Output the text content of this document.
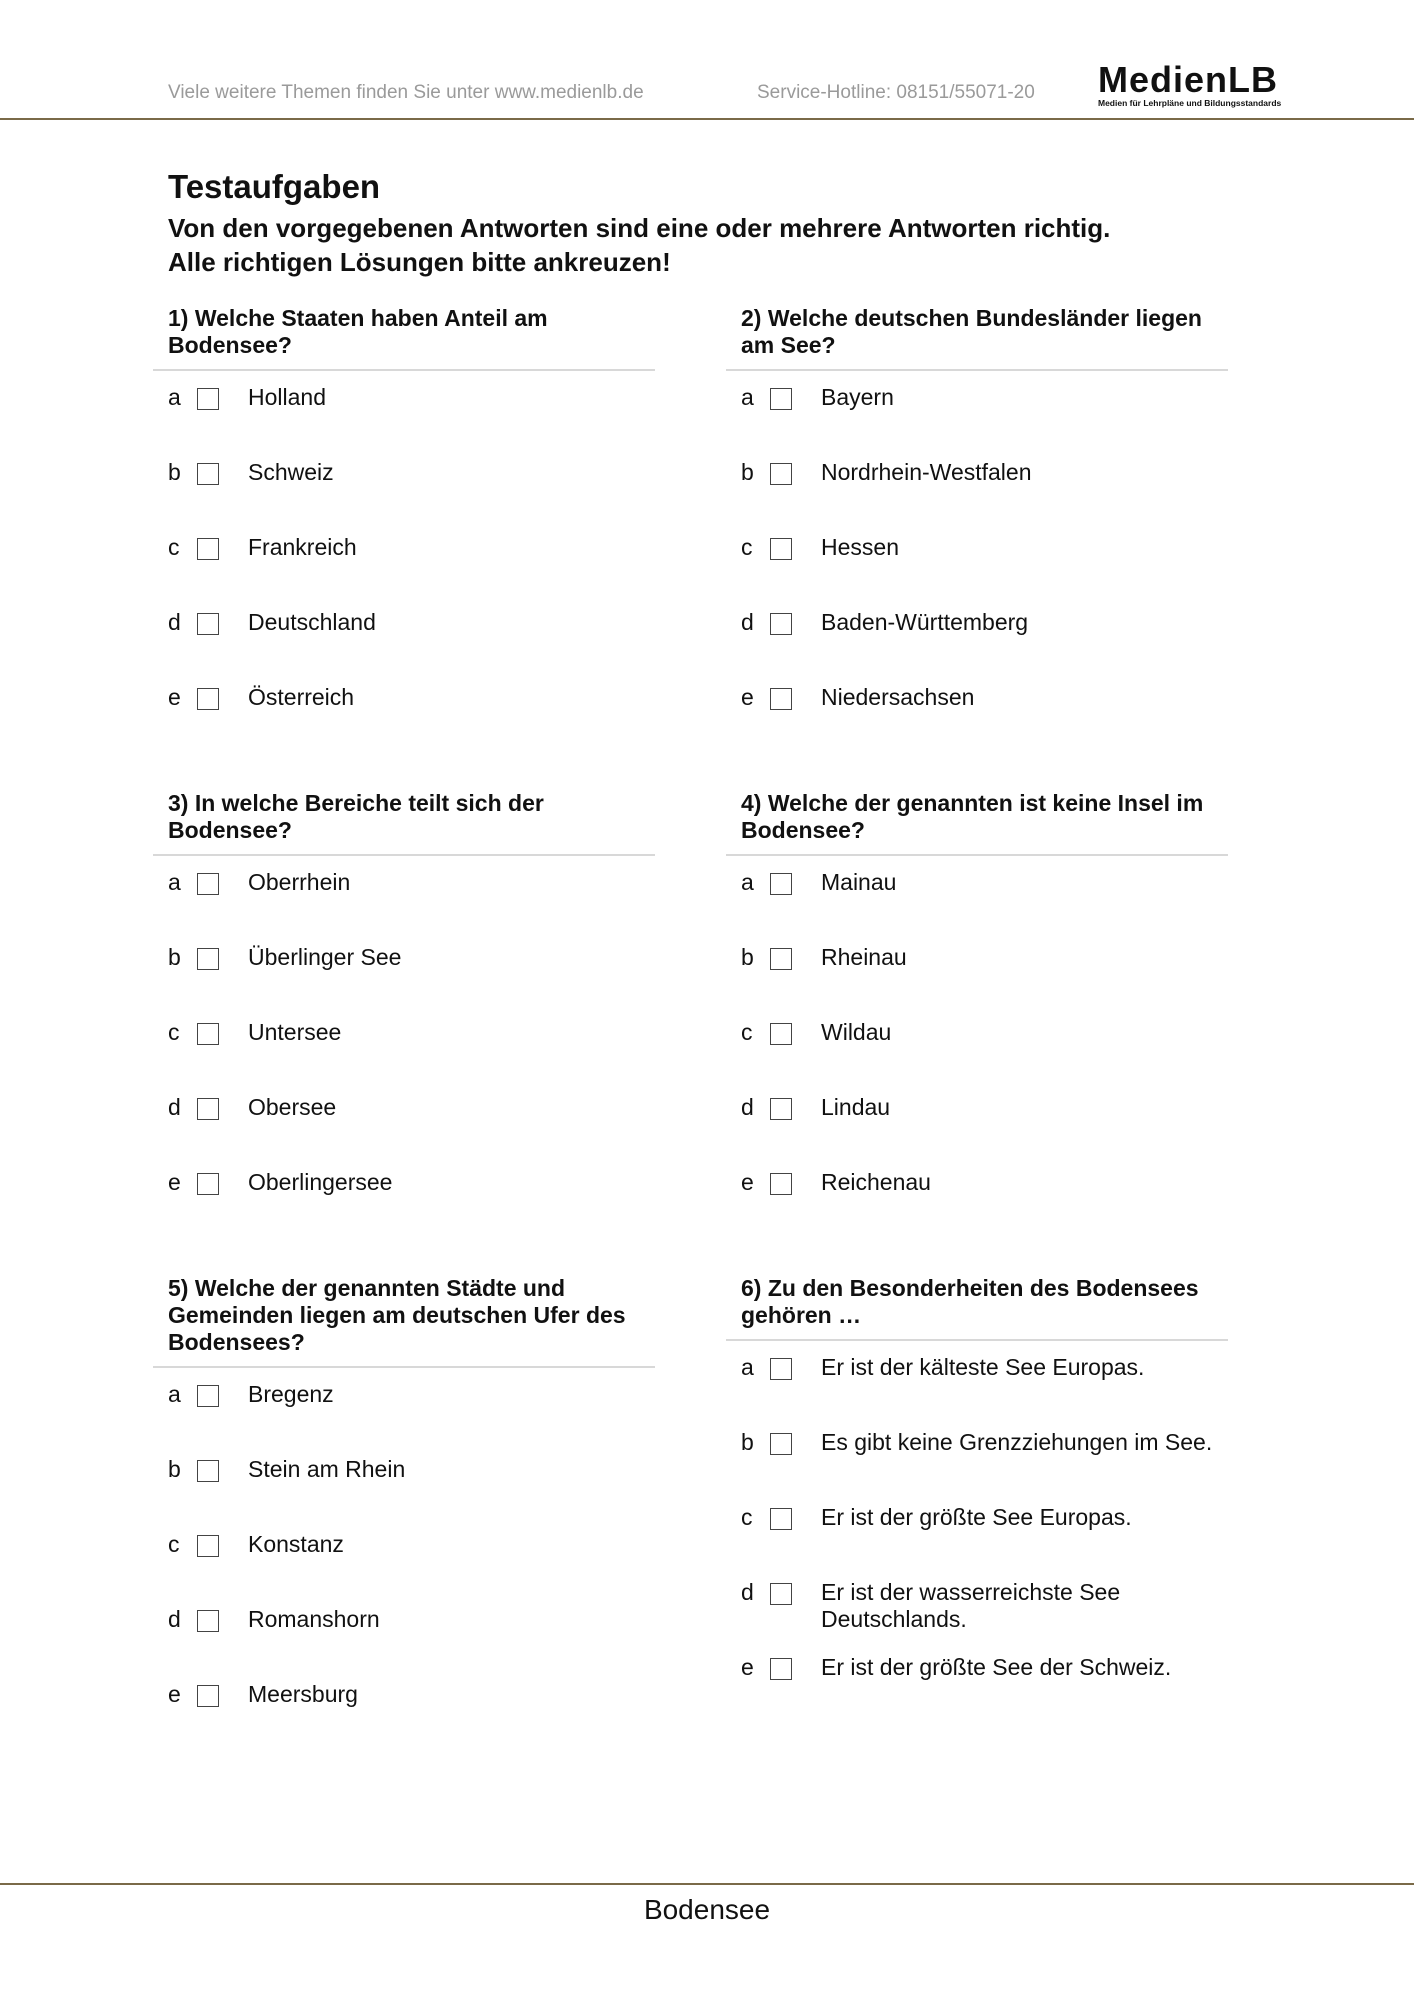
Viele weitere Themen finden Sie unter www.medienlb.de	Service-Hotline: 08151/55071-20 MedienLB
Medien für Lehrpläne und Bildungsstandards
Testaufgaben
Von den vorgegebenen Antworten sind eine oder mehrere Antworten richtig.
Alle richtigen Lösungen bitte ankreuzen!
1) Welche Staaten haben Anteil am
Bodensee?
a	Holland
b	Schweiz
c	Frankreich
d	Deutschland
e	Österreich
2) Welche deutschen Bundesländer liegen
am See?
a	Bayern
b	Nordrhein-Westfalen
c	Hessen
d	Baden-Württemberg
e	Niedersachsen
3) In welche Bereiche teilt sich der
Bodensee?
a	Oberrhein
b	Überlinger See
c	Untersee
d	Obersee
e	Oberlingersee
4) Welche der genannten ist keine Insel im
Bodensee?
a	Mainau
b	Rheinau
c	Wildau
d	Lindau
e	Reichenau
5) Welche der genannten Städte und
Gemeinden liegen am deutschen Ufer des
Bodensees?
a	Bregenz
b	Stein am Rhein
c	Konstanz
d	Romanshorn
e	Meersburg
6) Zu den Besonderheiten des Bodensees
gehören …
a	Er ist der kälteste See Europas.
b	Es gibt keine Grenzziehungen im See.
c	Er ist der größte See Europas.
d	Er ist der wasserreichste See
Deutschlands.
e	Er ist der größte See der Schweiz.
Bodensee
